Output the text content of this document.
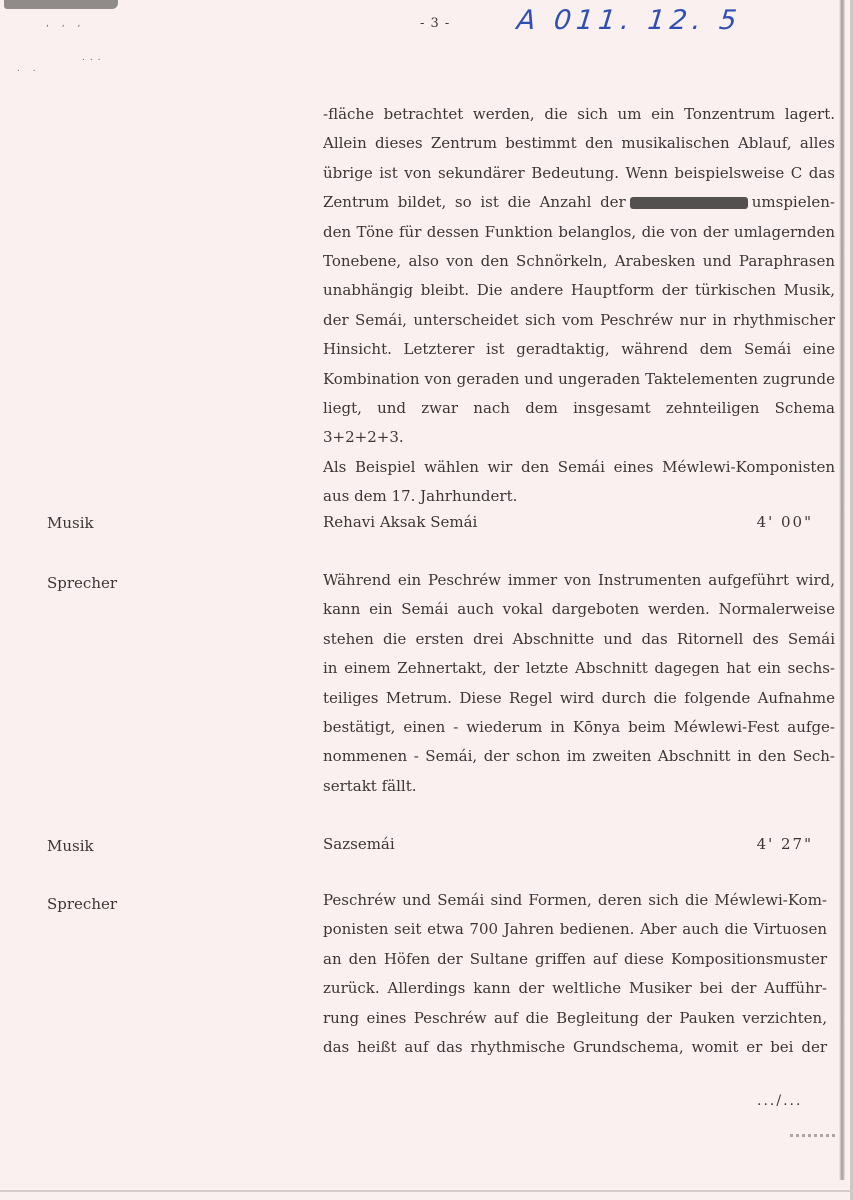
, , ,
...
. .
- 3 - A 011. 12. 5

-fläche betrachtet werden, die sich um ein Tonzentrum lagert.

Allein dieses Zentrum bestimmt den musikalischen Ablauf, alles

übrige ist von sekundärer Bedeutung. Wenn beispielsweise C das

Zentrum bildet, so ist die Anzahl der	umspielen-

den Töne für dessen Funktion belanglos, die von der umlagernden

Tonebene, also von den Schnörkeln, Arabesken und Paraphrasen

unabhängig bleibt. Die andere Hauptform der türkischen Musik,

der Semái, unterscheidet sich vom Peschréw nur in rhythmischer

Hinsicht. Letzterer ist geradtaktig, während dem Semái eine

Kombination von geraden und ungeraden Taktelementen zugrunde

liegt, und zwar nach dem insgesamt zehnteiligen Schema 3+2+2+3.

Als Beispiel wählen wir den Semái eines Méwlewi-Komponisten

aus dem 17. Jahrhundert.

Musik	Rehavi Aksak Semái	4' 00"
Sprecher	Während ein Peschréw immer von Instrumenten aufgeführt wird,

kann ein Semái auch vokal dargeboten werden. Normalerweise

stehen die ersten drei Abschnitte und das Ritornell des Semái

in einem Zehnertakt, der letzte Abschnitt dagegen hat ein sechs-

teiliges Metrum. Diese Regel wird durch die folgende Aufnahme

bestätigt, einen - wiederum in Kōnya beim Méwlewi-Fest aufge-

nommenen - Semái, der schon im zweiten Abschnitt in den Sech-

sertakt fällt.

Musik	Sazsemái	4' 27"
Sprecher	Peschréw und Semái sind Formen, deren sich die Méwlewi-Kom-

ponisten seit etwa 700 Jahren bedienen. Aber auch die Virtuosen

an den Höfen der Sultane griffen auf diese Kompositionsmuster

zurück. Allerdings kann der weltliche Musiker bei der Aufführ-

rung eines Peschréw auf die Begleitung der Pauken verzichten,

das heißt auf das rhythmische Grundschema, womit er bei der

.../...
